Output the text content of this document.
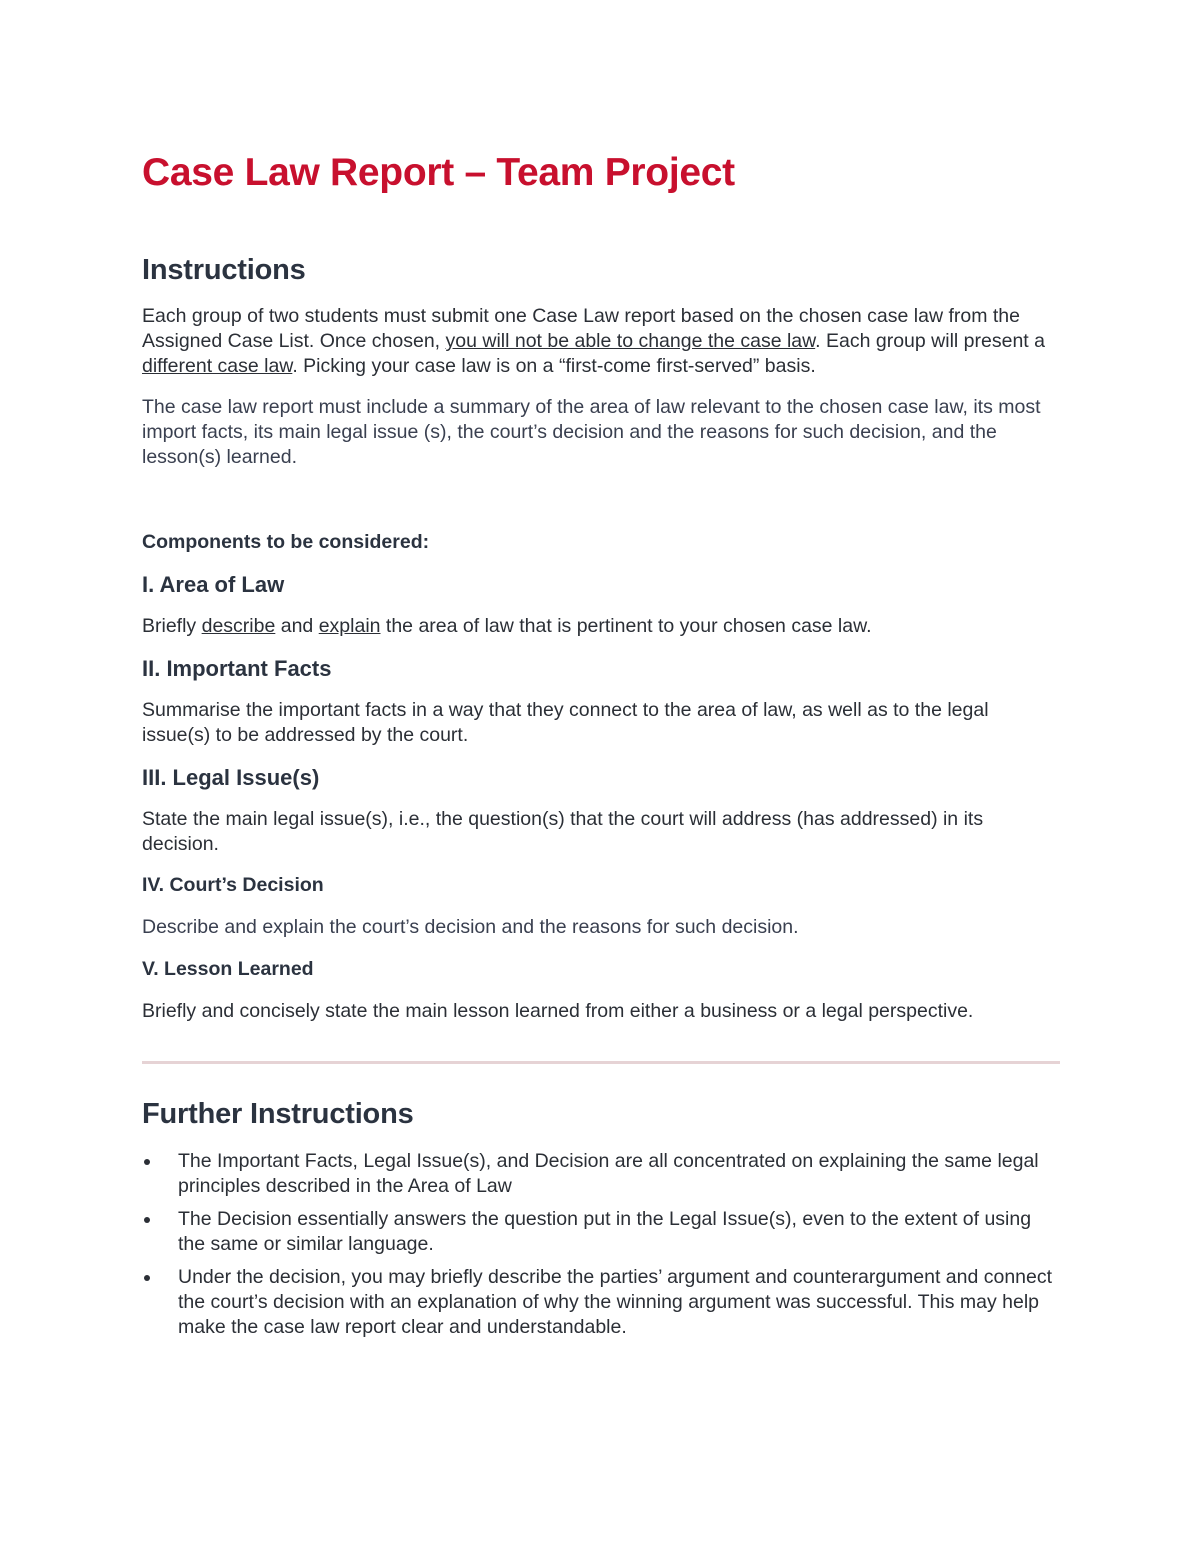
Case Law Report – Team Project
Instructions

Each group of two students must submit one Case Law report based on the chosen case law from the Assigned Case List. Once chosen, you will not be able to change the case law. Each group will present a different case law. Picking your case law is on a “first-come first-served” basis.

The case law report must include a summary of the area of law relevant to the chosen case law, its most import facts, its main legal issue (s), the court’s decision and the reasons for such decision, and the lesson(s) learned.

Components to be considered:

I. Area of Law

Briefly describe and explain the area of law that is pertinent to your chosen case law.

II. Important Facts

Summarise the important facts in a way that they connect to the area of law, as well as to the legal issue(s) to be addressed by the court.

III. Legal Issue(s)

State the main legal issue(s), i.e., the question(s) that the court will address (has addressed) in its decision.

IV. Court’s Decision

Describe and explain the court’s decision and the reasons for such decision.

V. Lesson Learned

Briefly and concisely state the main lesson learned from either a business or a legal perspective.

Further Instructions
The Important Facts, Legal Issue(s), and Decision are all concentrated on explaining the same legal principles described in the Area of Law
The Decision essentially answers the question put in the Legal Issue(s), even to the extent of using the same or similar language.
Under the decision, you may briefly describe the parties’ argument and counterargument and connect the court’s decision with an explanation of why the winning argument was successful. This may help make the case law report clear and understandable.
